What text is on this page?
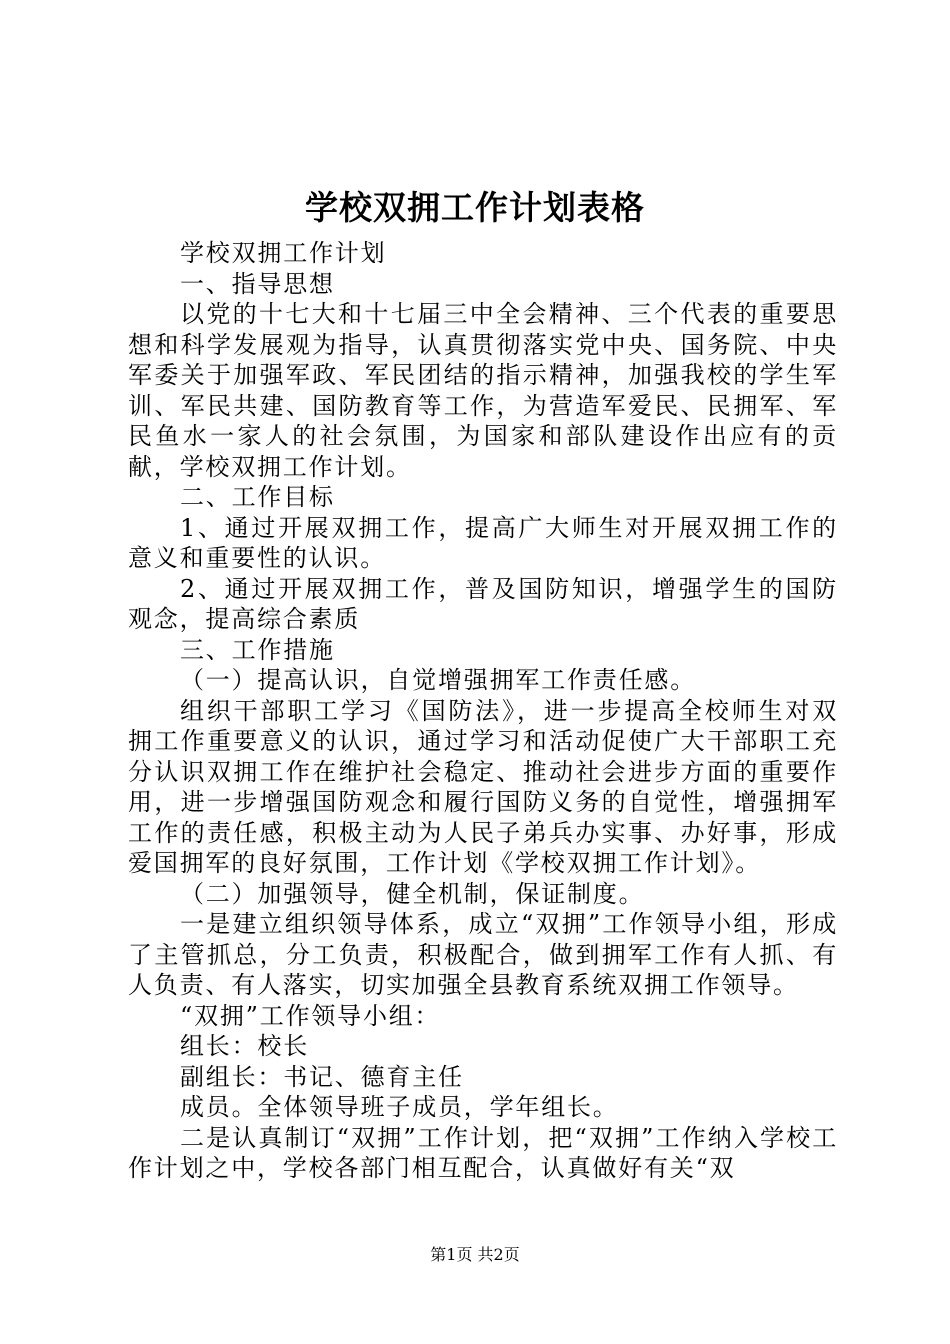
学校双拥工作计划表格

学校双拥工作计划

一、指导思想

以党的十七大和十七届三中全会精神、三个代表的重要思想和科学发展观为指导，认真贯彻落实党中央、国务院、中央军委关于加强军政、军民团结的指示精神，加强我校的学生军训、军民共建、国防教育等工作，为营造军爱民、民拥军、军民鱼水一家人的社会氛围，为国家和部队建设作出应有的贡献，学校双拥工作计划。

二、工作目标

1、通过开展双拥工作，提高广大师生对开展双拥工作的意义和重要性的认识。

2、通过开展双拥工作，普及国防知识，增强学生的国防观念，提高综合素质

三、工作措施

（一）提高认识，自觉增强拥军工作责任感。

组织干部职工学习《国防法》，进一步提高全校师生对双拥工作重要意义的认识，通过学习和活动促使广大干部职工充分认识双拥工作在维护社会稳定、推动社会进步方面的重要作用，进一步增强国防观念和履行国防义务的自觉性，增强拥军工作的责任感，积极主动为人民子弟兵办实事、办好事，形成爱国拥军的良好氛围，工作计划《学校双拥工作计划》。

（二）加强领导，健全机制，保证制度。

一是建立组织领导体系，成立“双拥”工作领导小组，形成了主管抓总，分工负责，积极配合，做到拥军工作有人抓、有人负责、有人落实，切实加强全县教育系统双拥工作领导。

“双拥”工作领导小组：

组长：校长

副组长：书记、德育主任

成员。全体领导班子成员，学年组长。

二是认真制订“双拥”工作计划，把“双拥”工作纳入学校工作计划之中，学校各部门相互配合，认真做好有关“双

第1页 共2页
